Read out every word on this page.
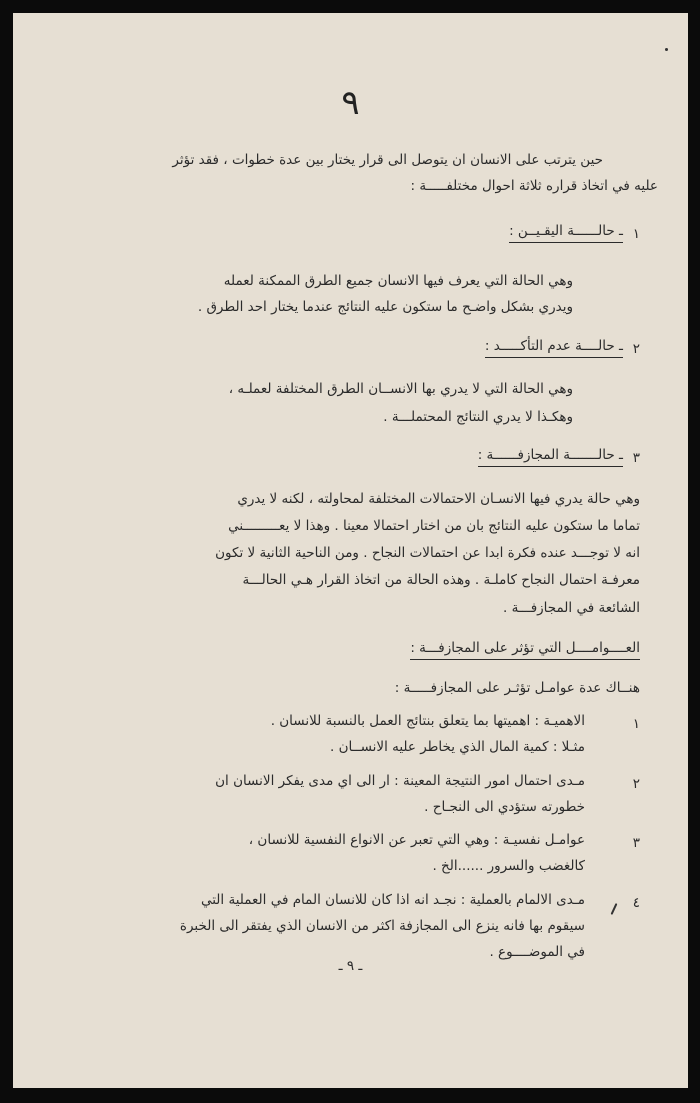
٩
حين يترتب على الانسان ان يتوصل الى قرار يختار بين عدة خطوات ، فقد تؤثر
عليه في اتخاذ قراره ثلاثة احوال مختلفـــــة :
١
ـ حالــــــة اليقـيــن :
وهي الحالة التي يعرف فيها الانسان جميع الطرق الممكنة لعمله
ويدري بشكل واضـح ما ستكون عليه النتائج عندما يختار احد الطرق .
٢
ـ حالــــة عدم التأكـــــد :
وهي الحالة التي لا يدري بها الانســان الطرق المختلفة لعملـه ،
وهكـذا لا يدري النتائج المحتملـــة .
٣
ـ حالـــــــة المجازفــــــة :
وهي حالة يدري فيها الانسـان الاحتمالات المختلفة لمحاولته ، لكنه لا يدري
تماما ما ستكون عليه النتائج بان من اختار احتمالا معينا . وهذا لا يعـــــــــني
انه لا توجـــد عنده فكرة ابدا عن احتمالات النجاح . ومن الناحية الثانية لا تكون
معرفـة احتمال النجاح كاملـة . وهذه الحالة من اتخاذ القرار هـي الحالـــة
الشائعة في المجازفـــة .
العــــوامــــل التي تؤثر على المجازفـــة :
هنــاك عدة عوامـل تؤثـر على المجازفـــــة :
١
الاهميـة : اهميتها بما يتعلق بنتائج العمل بالنسبة للانسان .
مثـلا : كمية المال الذي يخاطر عليه الانســان .
٢
مـدى احتمال امور النتيجة المعينة : ار الى اي مدى يفكر الانسان ان
خطورته ستؤدي الى النجـاح .
٣
عوامـل نفسيـة : وهي التي تعبر عن الانواع النفسية للانسان ،
كالغضب والسرور ......الخ .
٤
مـدى الالمام بالعملية : نجـد انه اذا كان للانسان المام في العملية التي
سيقوم بها فانه ينزع الى المجازفة اكثر من الانسان الذي يفتقر الى الخبرة
في الموضــــوع .
ـ ٩ ـ
